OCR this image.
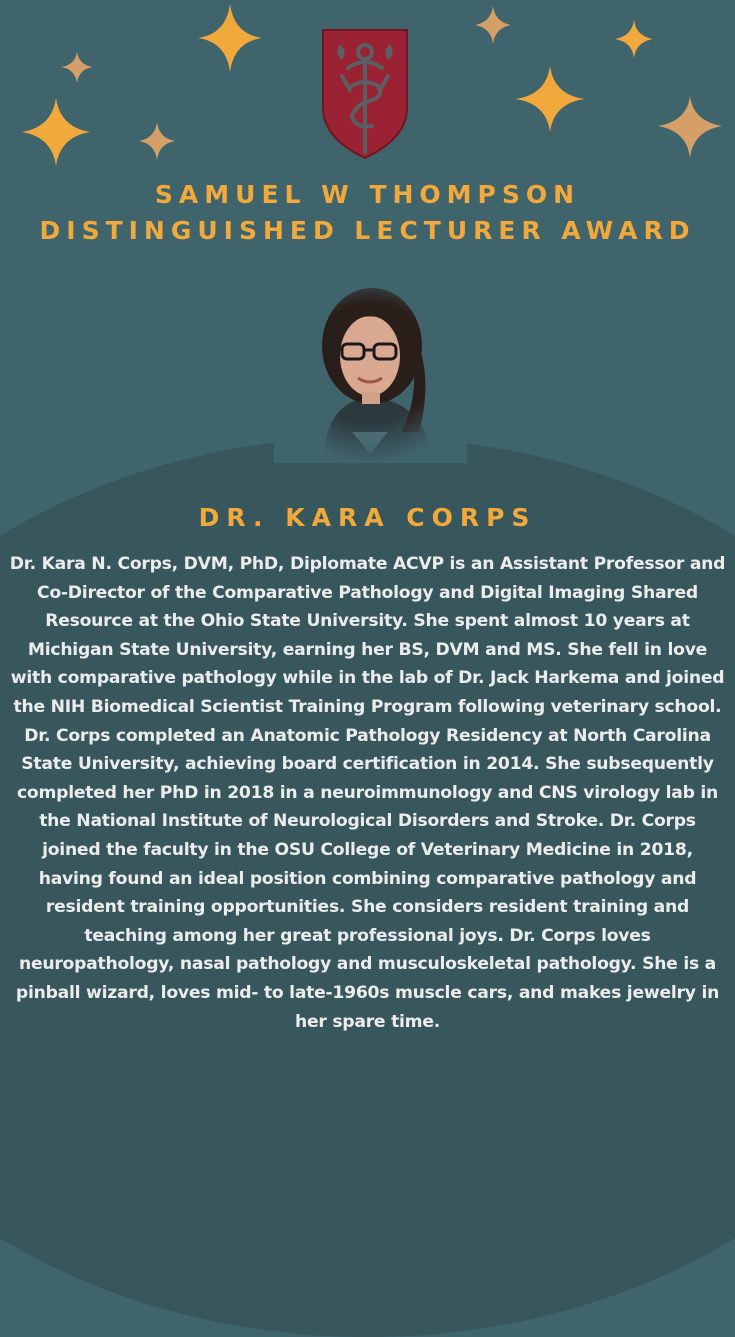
SAMUEL W THOMPSON
DISTINGUISHED LECTURER AWARD
DR. KARA CORPS
Dr. Kara N. Corps, DVM, PhD, Diplomate ACVP is an Assistant Professor and Co-Director of the Comparative Pathology and Digital Imaging Shared Resource at the Ohio State University. She spent almost 10 years at Michigan State University, earning her BS, DVM and MS. She fell in love with comparative pathology while in the lab of Dr. Jack Harkema and joined the NIH Biomedical Scientist Training Program following veterinary school. Dr. Corps completed an Anatomic Pathology Residency at North Carolina State University, achieving board certification in 2014. She subsequently completed her PhD in 2018 in a neuroimmunology and CNS virology lab in the National Institute of Neurological Disorders and Stroke. Dr. Corps joined the faculty in the OSU College of Veterinary Medicine in 2018, having found an ideal position combining comparative pathology and resident training opportunities. She considers resident training and teaching among her great professional joys. Dr. Corps loves neuropathology, nasal pathology and musculoskeletal pathology. She is a pinball wizard, loves mid- to late-1960s muscle cars, and makes jewelry in her spare time.
